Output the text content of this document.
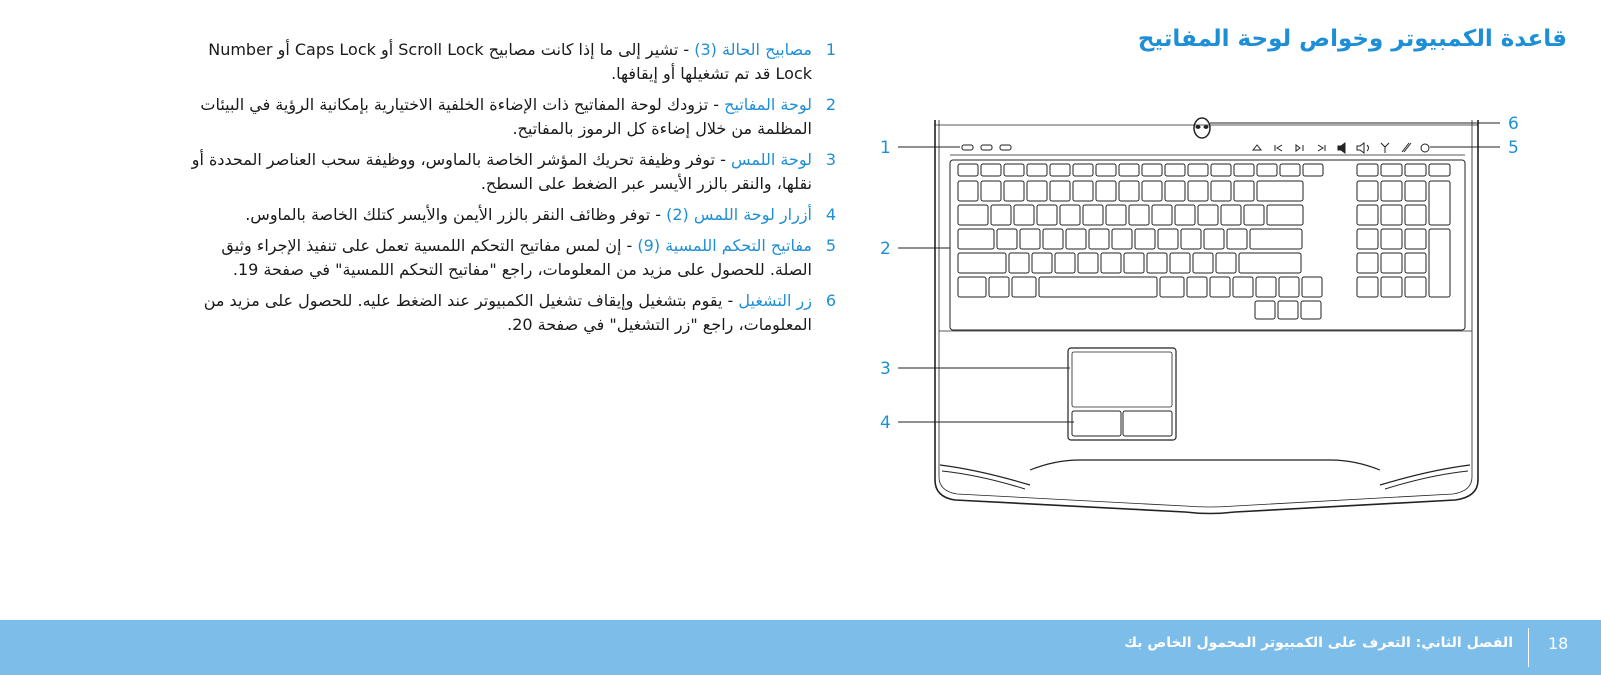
قاعدة الكمبيوتر وخواص لوحة المفاتيح
1
مصابيح الحالة (3) - تشير إلى ما إذا كانت مصابيح Scroll Lock أو Caps Lock أو Number Lock قد تم تشغيلها أو إيقافها.
2
لوحة المفاتيح - تزودك لوحة المفاتيح ذات الإضاءة الخلفية الاختيارية بإمكانية الرؤية في البيئات المظلمة من خلال إضاءة كل الرموز بالمفاتيح.
3
لوحة اللمس - توفر وظيفة تحريك المؤشر الخاصة بالماوس، ووظيفة سحب العناصر المحددة أو نقلها، والنقر بالزر الأيسر عبر الضغط على السطح.
4
أزرار لوحة اللمس (2) - توفر وظائف النقر بالزر الأيمن والأيسر كتلك الخاصة بالماوس.
5
مفاتيح التحكم اللمسية (9) - إن لمس مفاتيح التحكم اللمسية تعمل على تنفيذ الإجراء وثيق الصلة. للحصول على مزيد من المعلومات، راجع "مفاتيح التحكم اللمسية" في صفحة 19.
6
زر التشغيل - يقوم بتشغيل وإيقاف تشغيل الكمبيوتر عند الضغط عليه. للحصول على مزيد من المعلومات، راجع "زر التشغيل" في صفحة 20.
1
2
3
4
5
6
18
الفصل الثاني: التعرف على الكمبيوتر المحمول الخاص بك
